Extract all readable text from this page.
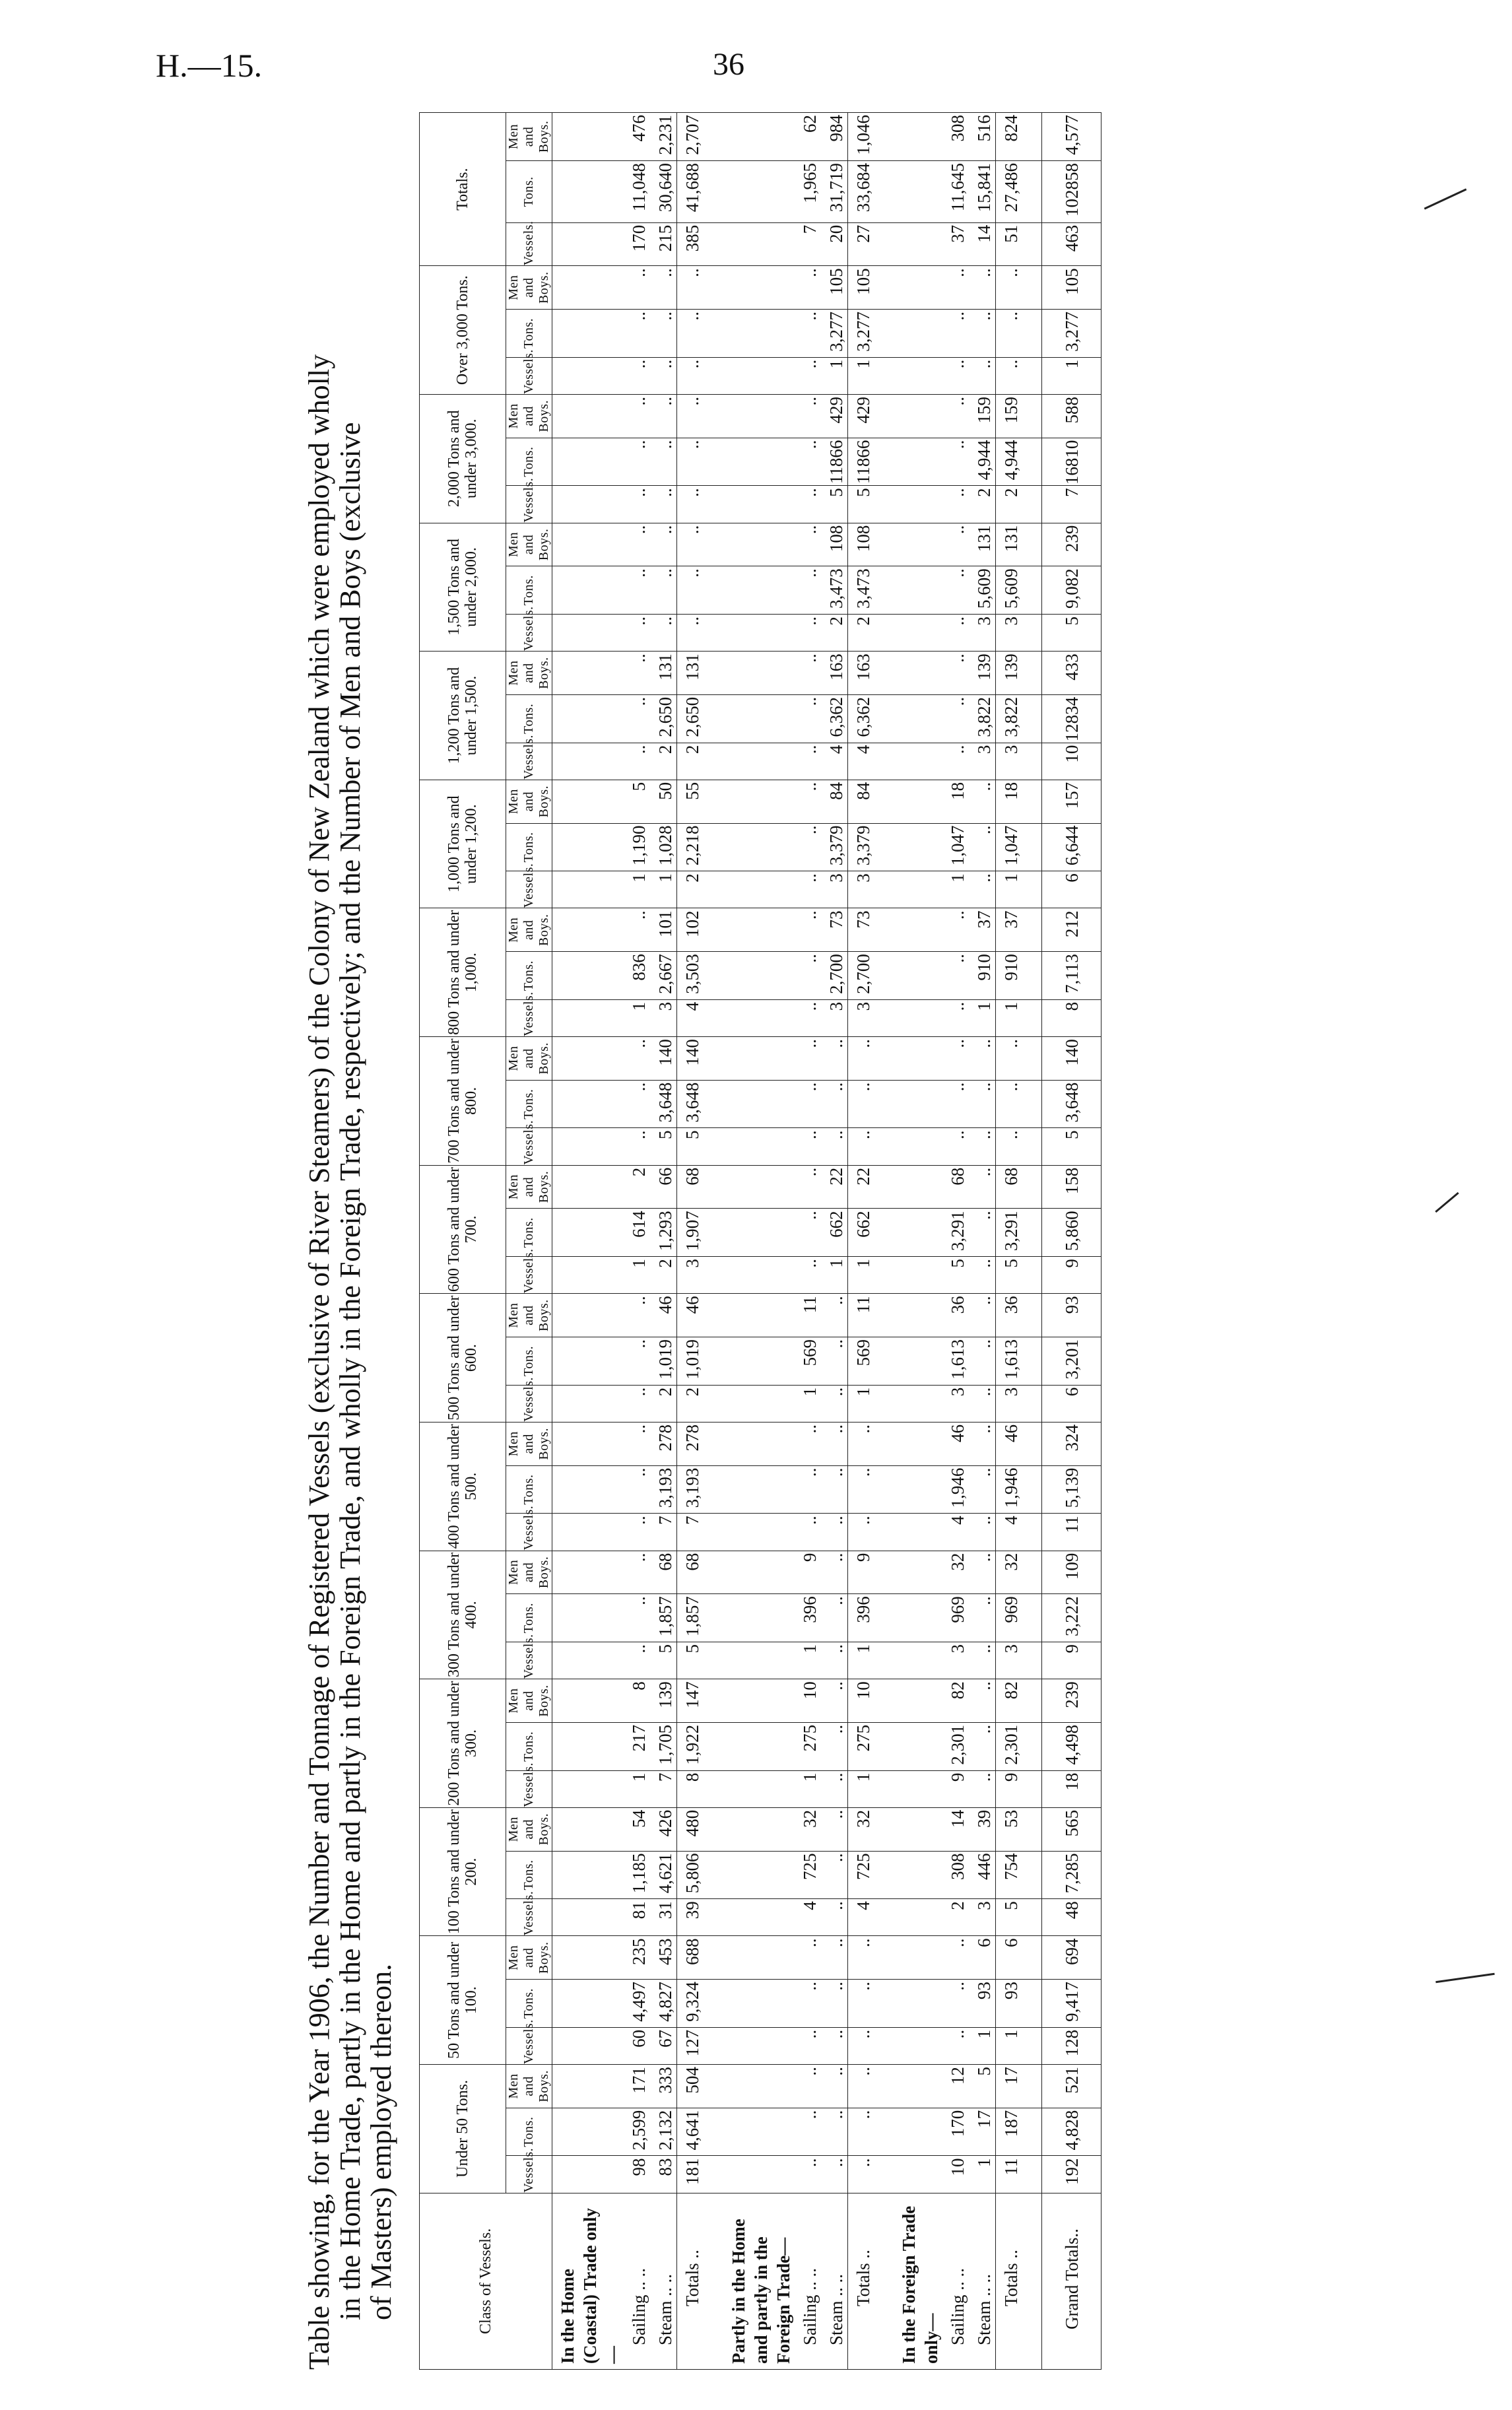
H.—15.	36
Table showing, for the Year 1906, the Number and Tonnage of Registered Vessels (exclusive of River Steamers) of the Colony of New Zealand which were employed wholly
in the Home Trade, partly in the Home and partly in the Foreign Trade, and wholly in the Foreign Trade, respectively; and the Number of Men and Boys (exclusive
of Masters) employed thereon.	Class of Vessels.	Under 50 Tons.			50 Tons and under 100.			100 Tons and under 200.			200 Tons and under 300.			300 Tons and under 400.			400 Tons and under 500.			500 Tons and under 600.			600 Tons and under 700.			700 Tons and under 800.			800 Tons and under 1,000.			1,000 Tons and under 1,200.			1,200 Tons and under 1,500.			1,500 Tons and under 2,000.			2,000 Tons and under 3,000.			Over 3,000 Tons.			Totals.		
	Vessels.	Tons.	Men and Boys.	Vessels.	Tons.	Men and Boys.	Vessels.	Tons.	Men and Boys.	Vessels.	Tons.	Men and Boys.	Vessels.	Tons.	Men and Boys.	Vessels.	Tons.	Men and Boys.	Vessels.	Tons.	Men and Boys.	Vessels.	Tons.	Men and Boys.	Vessels.	Tons.	Men and Boys.	Vessels.	Tons.	Men and Boys.	Vessels.	Tons.	Men and Boys.	Vessels.	Tons.	Men and Boys.	Vessels.	Tons.	Men and Boys.	Vessels.	Tons.	Men and Boys.	Vessels.	Tons.	Men and Boys.	Vessels.	Tons.	Men and Boys.
In the Home (Coastal) Trade only—																																																
Sailing .. ..	98	2,599	171	60	4,497	235	81	1,185	54	1	217	8	..	..	..	..	..	..	..	..	..	1	614	2	..	..	..	1	836	..	1	1,190	5	..	..	..	..	..	..	..	..	..	..	..	..	170	11,048	476
Steam .. ..	83	2,132	333	67	4,827	453	31	4,621	426	7	1,705	139	5	1,857	68	7	3,193	278	2	1,019	46	2	1,293	66	5	3,648	140	3	2,667	101	1	1,028	50	2	2,650	131	..	..	..	..	..	..	..	..	..	215	30,640	2,231
Totals ..	181	4,641	504	127	9,324	688	39	5,806	480	8	1,922	147	5	1,857	68	7	3,193	278	2	1,019	46	3	1,907	68	5	3,648	140	4	3,503	102	2	2,218	55	2	2,650	131	..	..	..	..	..	..	..	..	..	385	41,688	2,707
Partly in the Home and partly in the Foreign Trade—																																																
Sailing .. ..	..	..	..	..	..	..	4	725	32	1	275	10	1	396	9	..	..	..	1	569	11	..	..	..	..	..	..	..	..	..	..	..	..	..	..	..	..	..	..	..	..	..	..	..	..	7	1,965	62
Steam .. ..	..	..	..	..	..	..	..	..	..	..	..	..	..	..	..	..	..	..	..	..	..	1	662	22	..	..	..	3	2,700	73	3	3,379	84	4	6,362	163	2	3,473	108	5	11866	429	1	3,277	105	20	31,719	984
Totals ..	..	..	..	..	..	..	4	725	32	1	275	10	1	396	9	..	..	..	1	569	11	1	662	22	..	..	..	3	2,700	73	3	3,379	84	4	6,362	163	2	3,473	108	5	11866	429	1	3,277	105	27	33,684	1,046
In the Foreign Trade only—																																																
Sailing .. ..	10	170	12	..	..	..	2	308	14	9	2,301	82	3	969	32	4	1,946	46	3	1,613	36	5	3,291	68	..	..	..	..	..	..	1	1,047	18	..	..	..	..	..	..	..	..	..	..	..	..	37	11,645	308
Steam .. ..	1	17	5	1	93	6	3	446	39	..	..	..	..	..	..	..	..	..	..	..	..	..	..	..	..	..	..	1	910	37	..	..	..	3	3,822	139	3	5,609	131	2	4,944	159	..	..	..	14	15,841	516
Totals ..	11	187	17	1	93	6	5	754	53	9	2,301	82	3	969	32	4	1,946	46	3	1,613	36	5	3,291	68	..	..	..	1	910	37	1	1,047	18	3	3,822	139	3	5,609	131	2	4,944	159	..	..	..	51	27,486	824
Grand Totals..	192	4,828	521	128	9,417	694	48	7,285	565	18	4,498	239	9	3,222	109	11	5,139	324	6	3,201	93	9	5,860	158	5	3,648	140	8	7,113	212	6	6,644	157	10	12834	433	5	9,082	239	7	16810	588	1	3,277	105	463	102858	4,577
